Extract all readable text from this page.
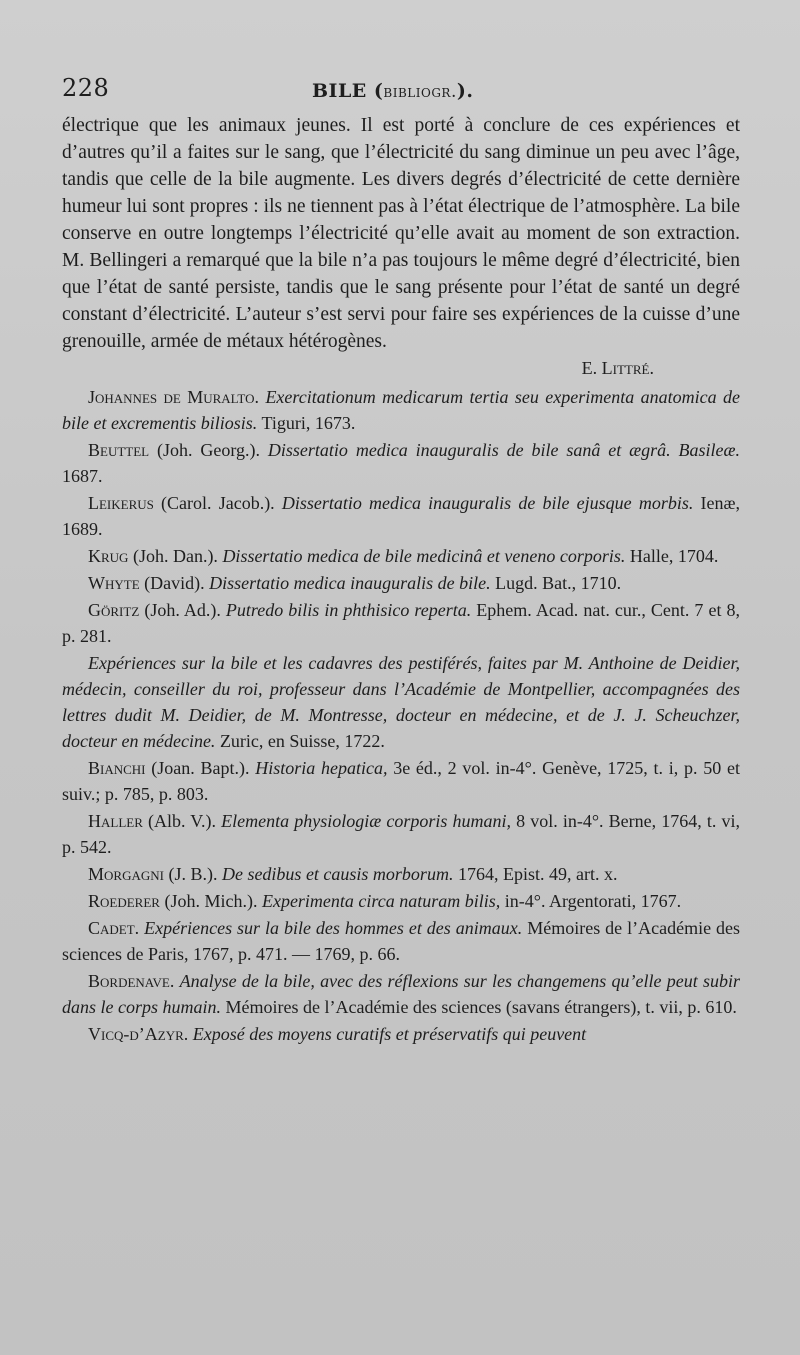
228	BILE (bibliogr.).

électrique que les animaux jeunes. Il est porté à conclure de ces expériences et d’autres qu’il a faites sur le sang, que l’électricité du sang diminue un peu avec l’âge, tandis que celle de la bile augmente. Les divers degrés d’électricité de cette dernière humeur lui sont propres : ils ne tiennent pas à l’état électrique de l’atmosphère. La bile conserve en outre longtemps l’électricité qu’elle avait au moment de son extraction. M. Bellingeri a remarqué que la bile n’a pas toujours le même degré d’électricité, bien que l’état de santé persiste, tandis que le sang présente pour l’état de santé un degré constant d’électricité. L’auteur s’est servi pour faire ses expériences de la cuisse d’une grenouille, armée de métaux hétérogènes.

E. Littré.

Johannes de Muralto. Exercitationum medicarum tertia seu experimenta anatomica de bile et excrementis biliosis. Tiguri, 1673.

Beuttel (Joh. Georg.). Dissertatio medica inauguralis de bile sanâ et ægrâ. Basileæ. 1687.

Leikerus (Carol. Jacob.). Dissertatio medica inauguralis de bile ejusque morbis. Ienæ, 1689.

Krug (Joh. Dan.). Dissertatio medica de bile medicinâ et veneno corporis. Halle, 1704.

Whyte (David). Dissertatio medica inauguralis de bile. Lugd. Bat., 1710.

Göritz (Joh. Ad.). Putredo bilis in phthisico reperta. Ephem. Acad. nat. cur., Cent. 7 et 8, p. 281.

Expériences sur la bile et les cadavres des pestiférés, faites par M. Anthoine de Deidier, médecin, conseiller du roi, professeur dans l’Académie de Montpellier, accompagnées des lettres dudit M. Deidier, de M. Montresse, docteur en médecine, et de J. J. Scheuchzer, docteur en médecine. Zuric, en Suisse, 1722.

Bianchi (Joan. Bapt.). Historia hepatica, 3e éd., 2 vol. in-4°. Genève, 1725, t. i, p. 50 et suiv.; p. 785, p. 803.

Haller (Alb. V.). Elementa physiologiæ corporis humani, 8 vol. in-4°. Berne, 1764, t. vi, p. 542.

Morgagni (J. B.). De sedibus et causis morborum. 1764, Epist. 49, art. x.

Roederer (Joh. Mich.). Experimenta circa naturam bilis, in-4°. Argentorati, 1767.

Cadet. Expériences sur la bile des hommes et des animaux. Mémoires de l’Académie des sciences de Paris, 1767, p. 471. — 1769, p. 66.

Bordenave. Analyse de la bile, avec des réflexions sur les changemens qu’elle peut subir dans le corps humain. Mémoires de l’Académie des sciences (savans étrangers), t. vii, p. 610.

Vicq-d’Azyr. Exposé des moyens curatifs et préservatifs qui peuvent
